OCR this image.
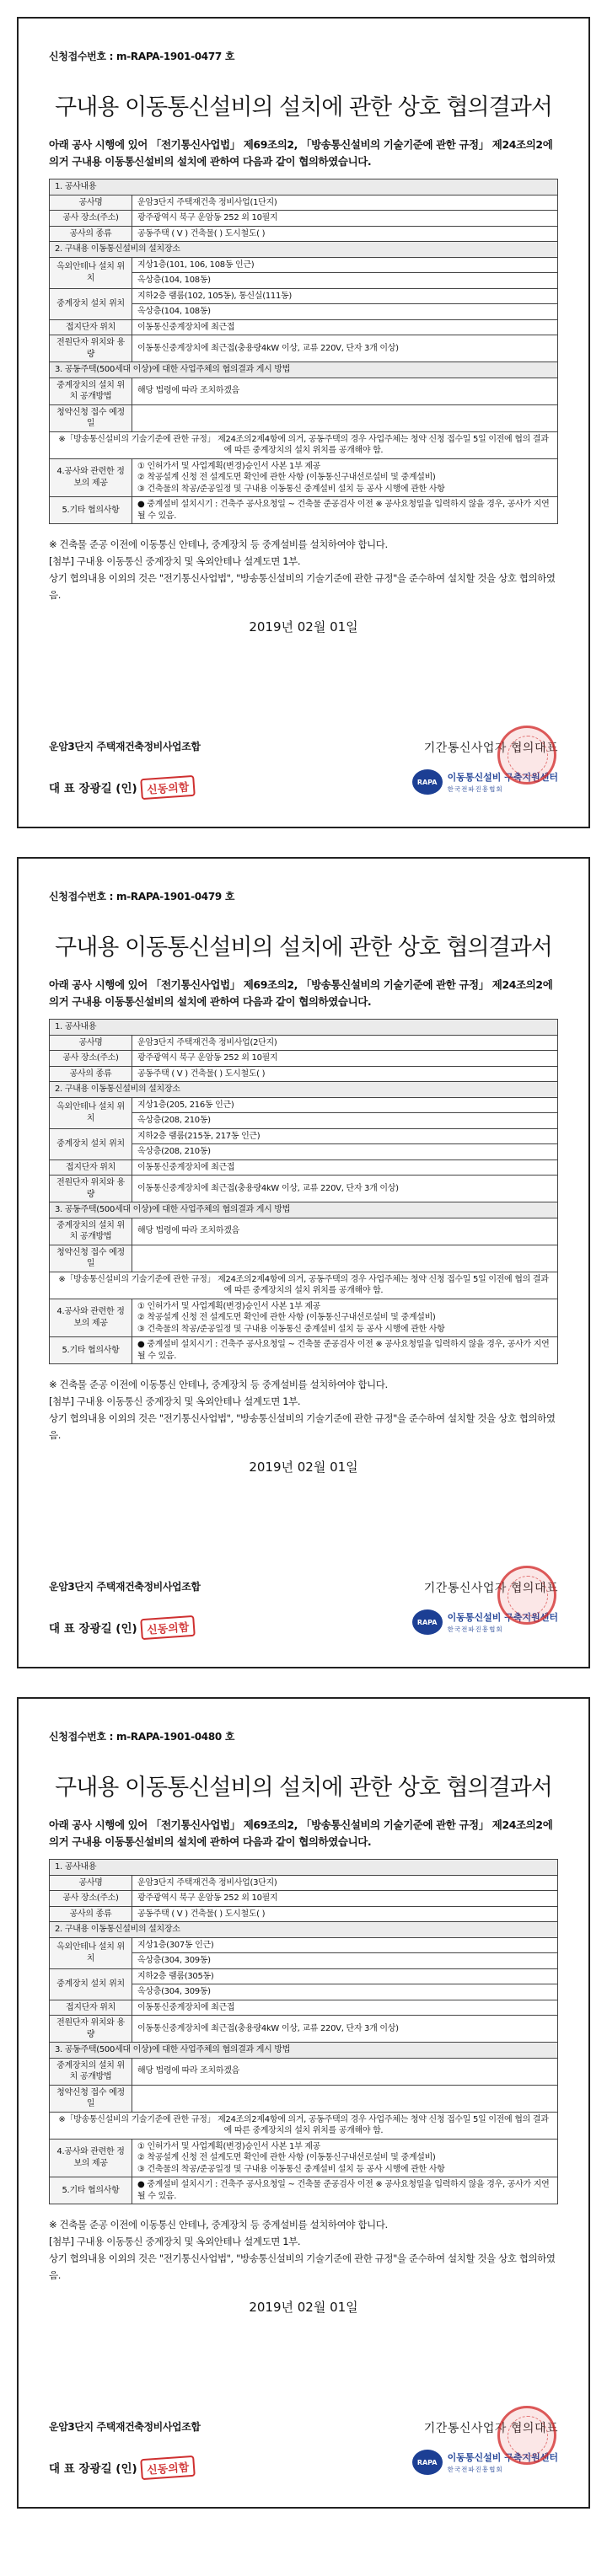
신청접수번호 : m-RAPA-1901-0477 호
구내용 이동통신설비의 설치에 관한 상호 협의결과서
아래 공사 시행에 있어 「전기통신사업법」 제69조의2, 「방송통신설비의 기술기준에 관한 규정」 제24조의2에 의거 구내용 이동통신설비의 설치에 관하여 다음과 같이 협의하였습니다.
1. 공사내용	
공사명	운암3단지 주택재건축 정비사업(1단지)
공사 장소(주소)	광주광역시 북구 운암동 252 외 10필지
공사의 종류	공동주택 ( V ) 건축물( ) 도시철도( )
2. 구내용 이동통신설비의 설치장소	
옥외안테나 설치 위치	지상1층(101, 106, 108동 인근)
	옥상층(104, 108동)
중계장치 설치 위치	지하2층 램룸(102, 105동), 통신실(111동)
	옥상층(104, 108동)
접지단자 위치	이동통신중계장치에 최근접
전원단자 위치와 용량	이동통신중계장치에 최근접(충용량4kW 이상, 교류 220V, 단자 3개 이상)
3. 공동주택(500세대 이상)에 대한 사업주체의 협의결과 게시 방법	
중계장치의 설치 위치 공개방법	해당 법령에 따라 조치하겠음
청약신청 접수 예정일	
※「방송통신설비의 기술기준에 관한 규정」 제24조의2제4항에 의거, 공동주택의 경우 사업주체는 청약 신청 접수일 5일 이전에 협의 결과에 따른 중계장치의 설치 위치를 공개해야 함.	
4.공사와 관련한 정보의 제공	① 인허가서 및 사업계획(변경)승인서 사본 1부 제공
② 착공설계 신청 전 설계도면 확인에 관한 사항 (이동통신구내선로설비 및 중계설비)
③ 건축물의 착공/준공일정 및 구내용 이동통신 중계설비 설치 등 공사 시행에 관한 사항

5.기타 협의사항	● 중계설비 설치시기 : 건축주 공사요청일 ~ 건축물 준공검사 이전 ※ 공사요청일을 입력하지 않을 경우, 공사가 지연 될 수 있음.
※ 건축물 준공 이전에 이동통신 안테나, 중계장치 등 중계설비를 설치하여야 합니다.
[첨부] 구내용 이동통신 중계장치 및 옥외안테나 설계도면 1부.
상기 협의내용 이외의 것은 "전기통신사업법", "방송통신설비의 기술기준에 관한 규정"을 준수하여 설치할 것을 상호 협의하였음.
2019년 02월 01일
운암3단지 주택재건축정비사업조합
대 표 장광길 (인) 신동의함
기간통신사업자 협의대표
RAPA	이동통신설비 구축지원센터
한국전파진흥협회
신청접수번호 : m-RAPA-1901-0479 호
구내용 이동통신설비의 설치에 관한 상호 협의결과서
아래 공사 시행에 있어 「전기통신사업법」 제69조의2, 「방송통신설비의 기술기준에 관한 규정」 제24조의2에 의거 구내용 이동통신설비의 설치에 관하여 다음과 같이 협의하였습니다.
1. 공사내용	
공사명	운암3단지 주택재건축 정비사업(2단지)
공사 장소(주소)	광주광역시 북구 운암동 252 외 10필지
공사의 종류	공동주택 ( V ) 건축물( ) 도시철도( )
2. 구내용 이동통신설비의 설치장소	
옥외안테나 설치 위치	지상1층(205, 216동 인근)
	옥상층(208, 210동)
중계장치 설치 위치	지하2층 램룸(215동, 217동 인근)
	옥상층(208, 210동)
접지단자 위치	이동통신중계장치에 최근접
전원단자 위치와 용량	이동통신중계장치에 최근접(충용량4kW 이상, 교류 220V, 단자 3개 이상)
3. 공동주택(500세대 이상)에 대한 사업주체의 협의결과 게시 방법	
중계장치의 설치 위치 공개방법	해당 법령에 따라 조치하겠음
청약신청 접수 예정일	
※「방송통신설비의 기술기준에 관한 규정」 제24조의2제4항에 의거, 공동주택의 경우 사업주체는 청약 신청 접수일 5일 이전에 협의 결과에 따른 중계장치의 설치 위치를 공개해야 함.	
4.공사와 관련한 정보의 제공	① 인허가서 및 사업계획(변경)승인서 사본 1부 제공
② 착공설계 신청 전 설계도면 확인에 관한 사항 (이동통신구내선로설비 및 중계설비)
③ 건축물의 착공/준공일정 및 구내용 이동통신 중계설비 설치 등 공사 시행에 관한 사항

5.기타 협의사항	● 중계설비 설치시기 : 건축주 공사요청일 ~ 건축물 준공검사 이전 ※ 공사요청일을 입력하지 않을 경우, 공사가 지연 될 수 있음.
※ 건축물 준공 이전에 이동통신 안테나, 중계장치 등 중계설비를 설치하여야 합니다.
[첨부] 구내용 이동통신 중계장치 및 옥외안테나 설계도면 1부.
상기 협의내용 이외의 것은 "전기통신사업법", "방송통신설비의 기술기준에 관한 규정"을 준수하여 설치할 것을 상호 협의하였음.
2019년 02월 01일
운암3단지 주택재건축정비사업조합
대 표 장광길 (인) 신동의함
기간통신사업자 협의대표
RAPA	이동통신설비 구축지원센터
한국전파진흥협회
신청접수번호 : m-RAPA-1901-0480 호
구내용 이동통신설비의 설치에 관한 상호 협의결과서
아래 공사 시행에 있어 「전기통신사업법」 제69조의2, 「방송통신설비의 기술기준에 관한 규정」 제24조의2에 의거 구내용 이동통신설비의 설치에 관하여 다음과 같이 협의하였습니다.
1. 공사내용	
공사명	운암3단지 주택재건축 정비사업(3단지)
공사 장소(주소)	광주광역시 북구 운암동 252 외 10필지
공사의 종류	공동주택 ( V ) 건축물( ) 도시철도( )
2. 구내용 이동통신설비의 설치장소	
옥외안테나 설치 위치	지상1층(307동 인근)
	옥상층(304, 309동)
중계장치 설치 위치	지하2층 램룸(305동)
	옥상층(304, 309동)
접지단자 위치	이동통신중계장치에 최근접
전원단자 위치와 용량	이동통신중계장치에 최근접(충용량4kW 이상, 교류 220V, 단자 3개 이상)
3. 공동주택(500세대 이상)에 대한 사업주체의 협의결과 게시 방법	
중계장치의 설치 위치 공개방법	해당 법령에 따라 조치하겠음
청약신청 접수 예정일	
※「방송통신설비의 기술기준에 관한 규정」 제24조의2제4항에 의거, 공동주택의 경우 사업주체는 청약 신청 접수일 5일 이전에 협의 결과에 따른 중계장치의 설치 위치를 공개해야 함.	
4.공사와 관련한 정보의 제공	① 인허가서 및 사업계획(변경)승인서 사본 1부 제공
② 착공설계 신청 전 설계도면 확인에 관한 사항 (이동통신구내선로설비 및 중계설비)
③ 건축물의 착공/준공일정 및 구내용 이동통신 중계설비 설치 등 공사 시행에 관한 사항

5.기타 협의사항	● 중계설비 설치시기 : 건축주 공사요청일 ~ 건축물 준공검사 이전 ※ 공사요청일을 입력하지 않을 경우, 공사가 지연 될 수 있음.
※ 건축물 준공 이전에 이동통신 안테나, 중계장치 등 중계설비를 설치하여야 합니다.
[첨부] 구내용 이동통신 중계장치 및 옥외안테나 설계도면 1부.
상기 협의내용 이외의 것은 "전기통신사업법", "방송통신설비의 기술기준에 관한 규정"을 준수하여 설치할 것을 상호 협의하였음.
2019년 02월 01일
운암3단지 주택재건축정비사업조합
대 표 장광길 (인) 신동의함
기간통신사업자 협의대표
RAPA	이동통신설비 구축지원센터
한국전파진흥협회
